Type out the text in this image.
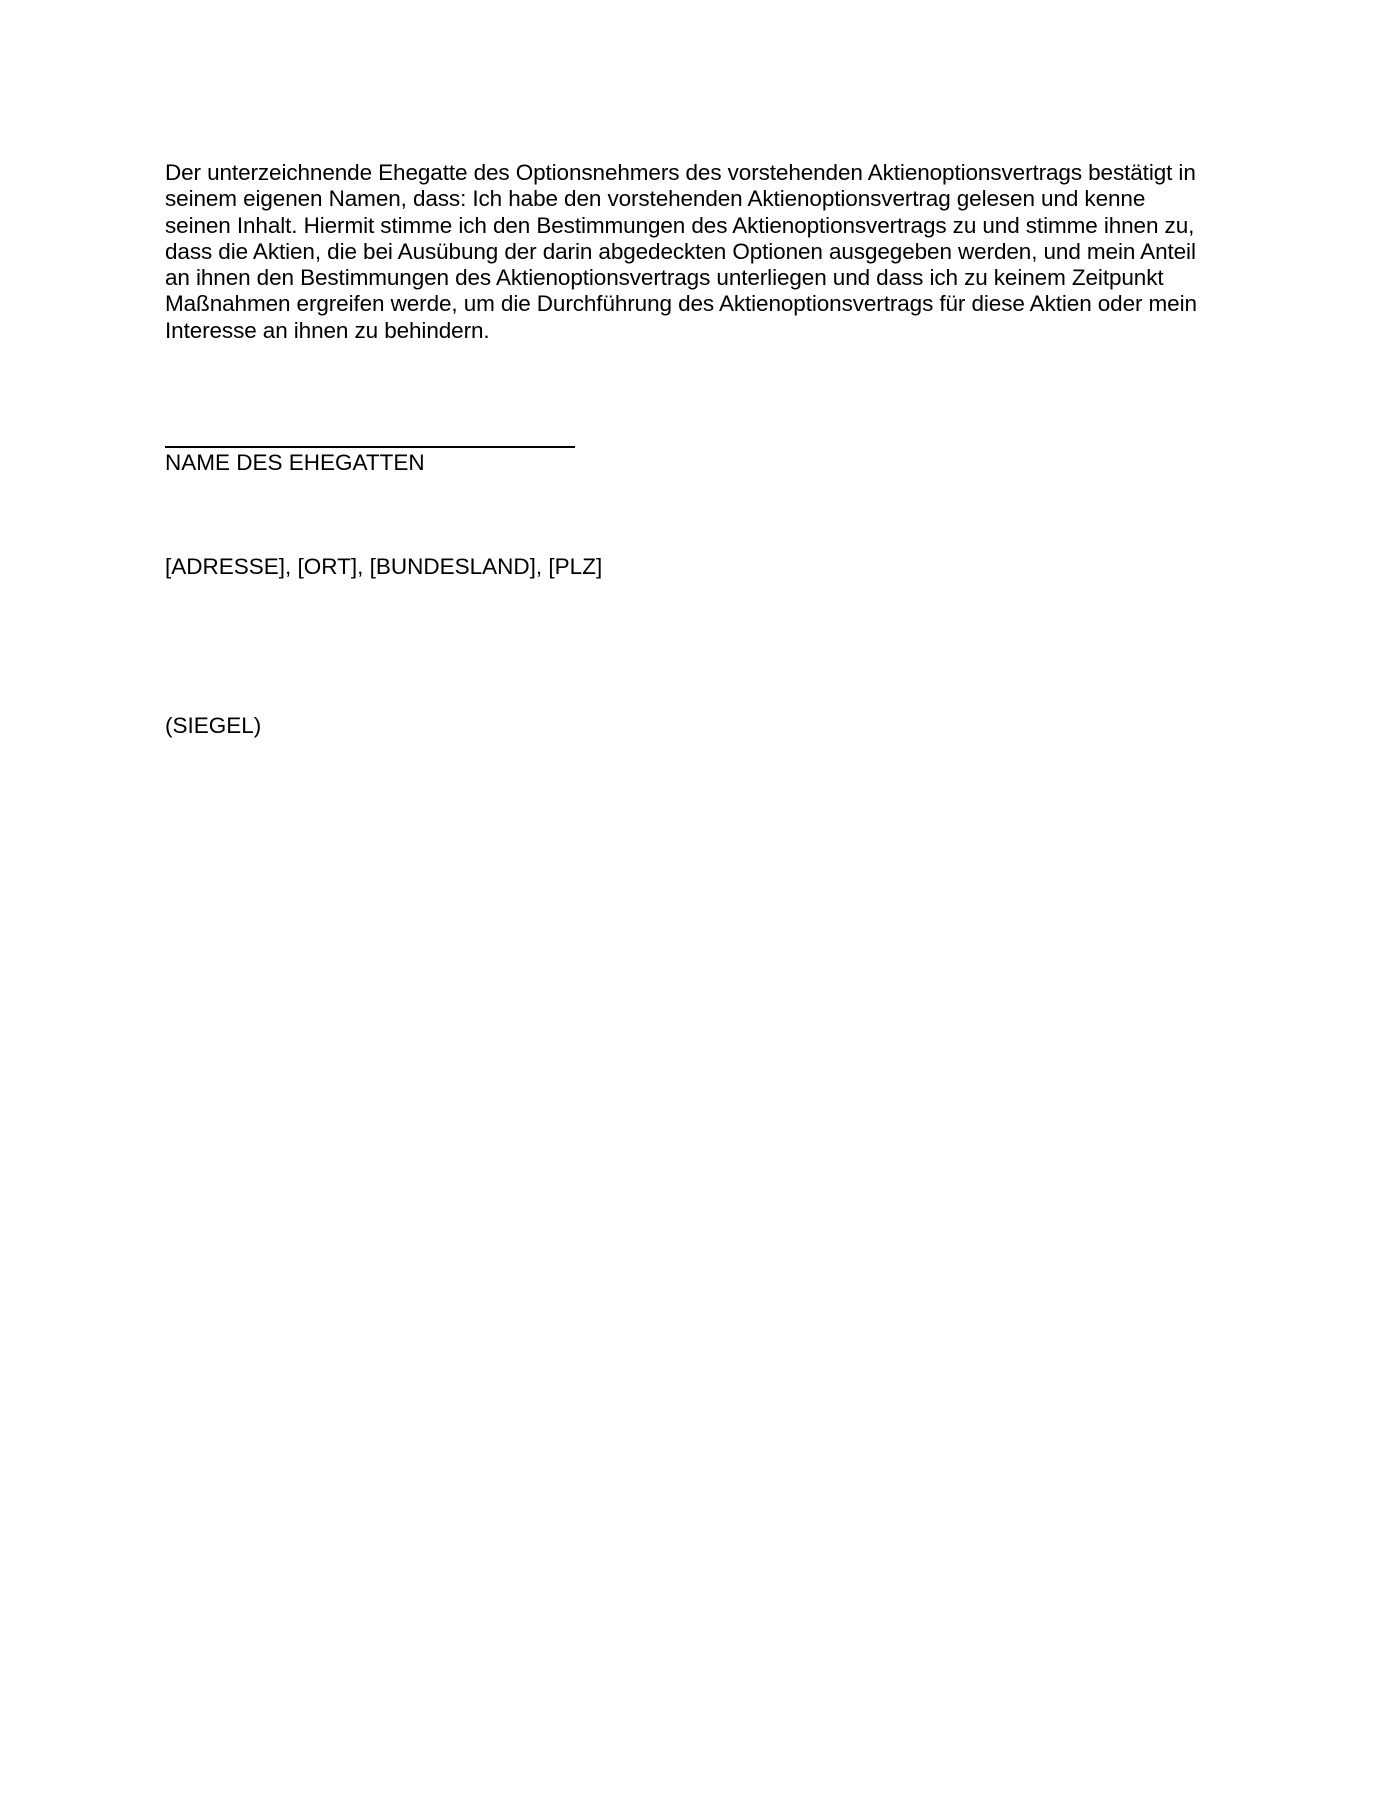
Der unterzeichnende Ehegatte des Optionsnehmers des vorstehenden Aktienoptionsvertrags bestätigt in
seinem eigenen Namen, dass: Ich habe den vorstehenden Aktienoptionsvertrag gelesen und kenne
seinen Inhalt. Hiermit stimme ich den Bestimmungen des Aktienoptionsvertrags zu und stimme ihnen zu,
dass die Aktien, die bei Ausübung der darin abgedeckten Optionen ausgegeben werden, und mein Anteil
an ihnen den Bestimmungen des Aktienoptionsvertrags unterliegen und dass ich zu keinem Zeitpunkt
Maßnahmen ergreifen werde, um die Durchführung des Aktienoptionsvertrags für diese Aktien oder mein
Interesse an ihnen zu behindern.

NAME DES EHEGATTEN
[ADRESSE], [ORT], [BUNDESLAND], [PLZ]
(SIEGEL)
